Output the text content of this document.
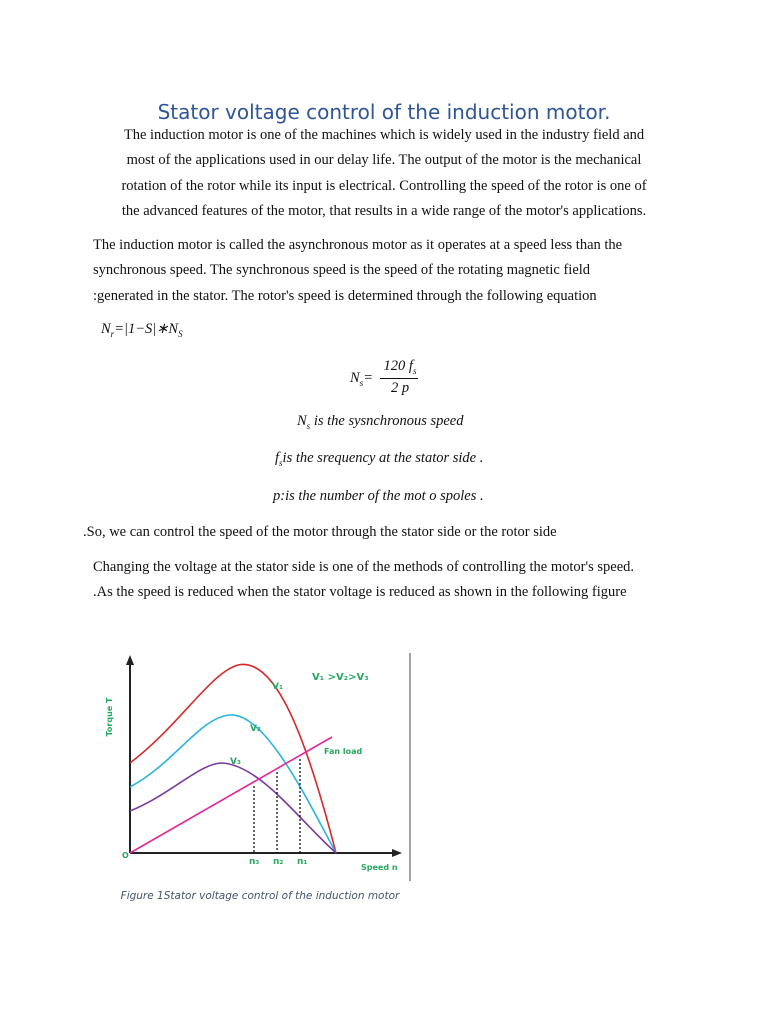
Stator voltage control of the induction motor.
The induction motor is one of the machines which is widely used in the industry field and
most of the applications used in our delay life. The output of the motor is the mechanical
rotation of the rotor while its input is electrical. Controlling the speed of the rotor is one of
the advanced features of the motor, that results in a wide range of the motor's applications.
The induction motor is called the asynchronous motor as it operates at a speed less than the
synchronous speed. The synchronous speed is the speed of the rotating magnetic field
:generated in the stator. The rotor's speed is determined through the following equation
$N_r=|1-S|∗N_S$
$N_s=$
120 $f_s$
2 p
$N_s$ is the sysnchronous speed
$f_sis$ the srequency at the stator side .
p:is the number of the mot o spoles .
.So, we can control the speed of the motor through the stator side or the rotor side
Changing the voltage at the stator side is one of the methods of controlling the motor's speed.
.As the speed is reduced when the stator voltage is reduced as shown in the following figure
Torque T
O
V₁ >V₂>V₃
V₁
V₂
V₃
Fan load
n₃ n₂ n₁
Speed n
Figure 1Stator voltage control of the induction motor
